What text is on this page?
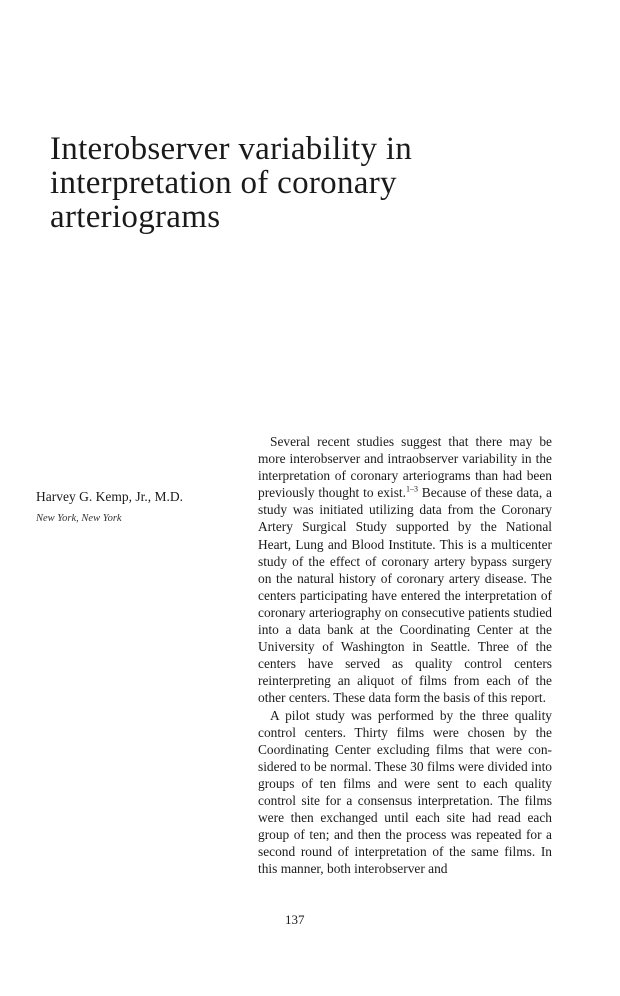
Interobserver variability in
interpretation of coronary
arteriograms
Harvey G. Kemp, Jr., M.D.
New York, New York

Several recent studies suggest that there may be more interobserver and intraobserver variability in the interpretation of coronary arteriograms than had been previously thought to exist.$^{1-3}$ Because of these data, a study was initiated utilizing data from the Coronary Artery Surgical Study supported by the National Heart, Lung and Blood Institute. This is a multicenter study of the effect of coronary artery bypass surgery on the natural history of coronary artery disease. The centers participating have entered the interpretation of coronary arteriography on consecutive patients studied into a data bank at the Coordinating Center at the University of Washington in Seattle. Three of the centers have served as quality control centers reinterpreting an aliquot of films from each of the other centers. These data form the basis of this report.

A pilot study was performed by the three quality control centers. Thirty films were chosen by the Coordinating Center excluding films that were considered to be normal. These 30 films were divided into groups of ten films and were sent to each quality control site for a consensus interpretation. The films were then exchanged until each site had read each group of ten; and then the process was repeated for a second round of interpretation of the same films. In this manner, both interobserver and

137
